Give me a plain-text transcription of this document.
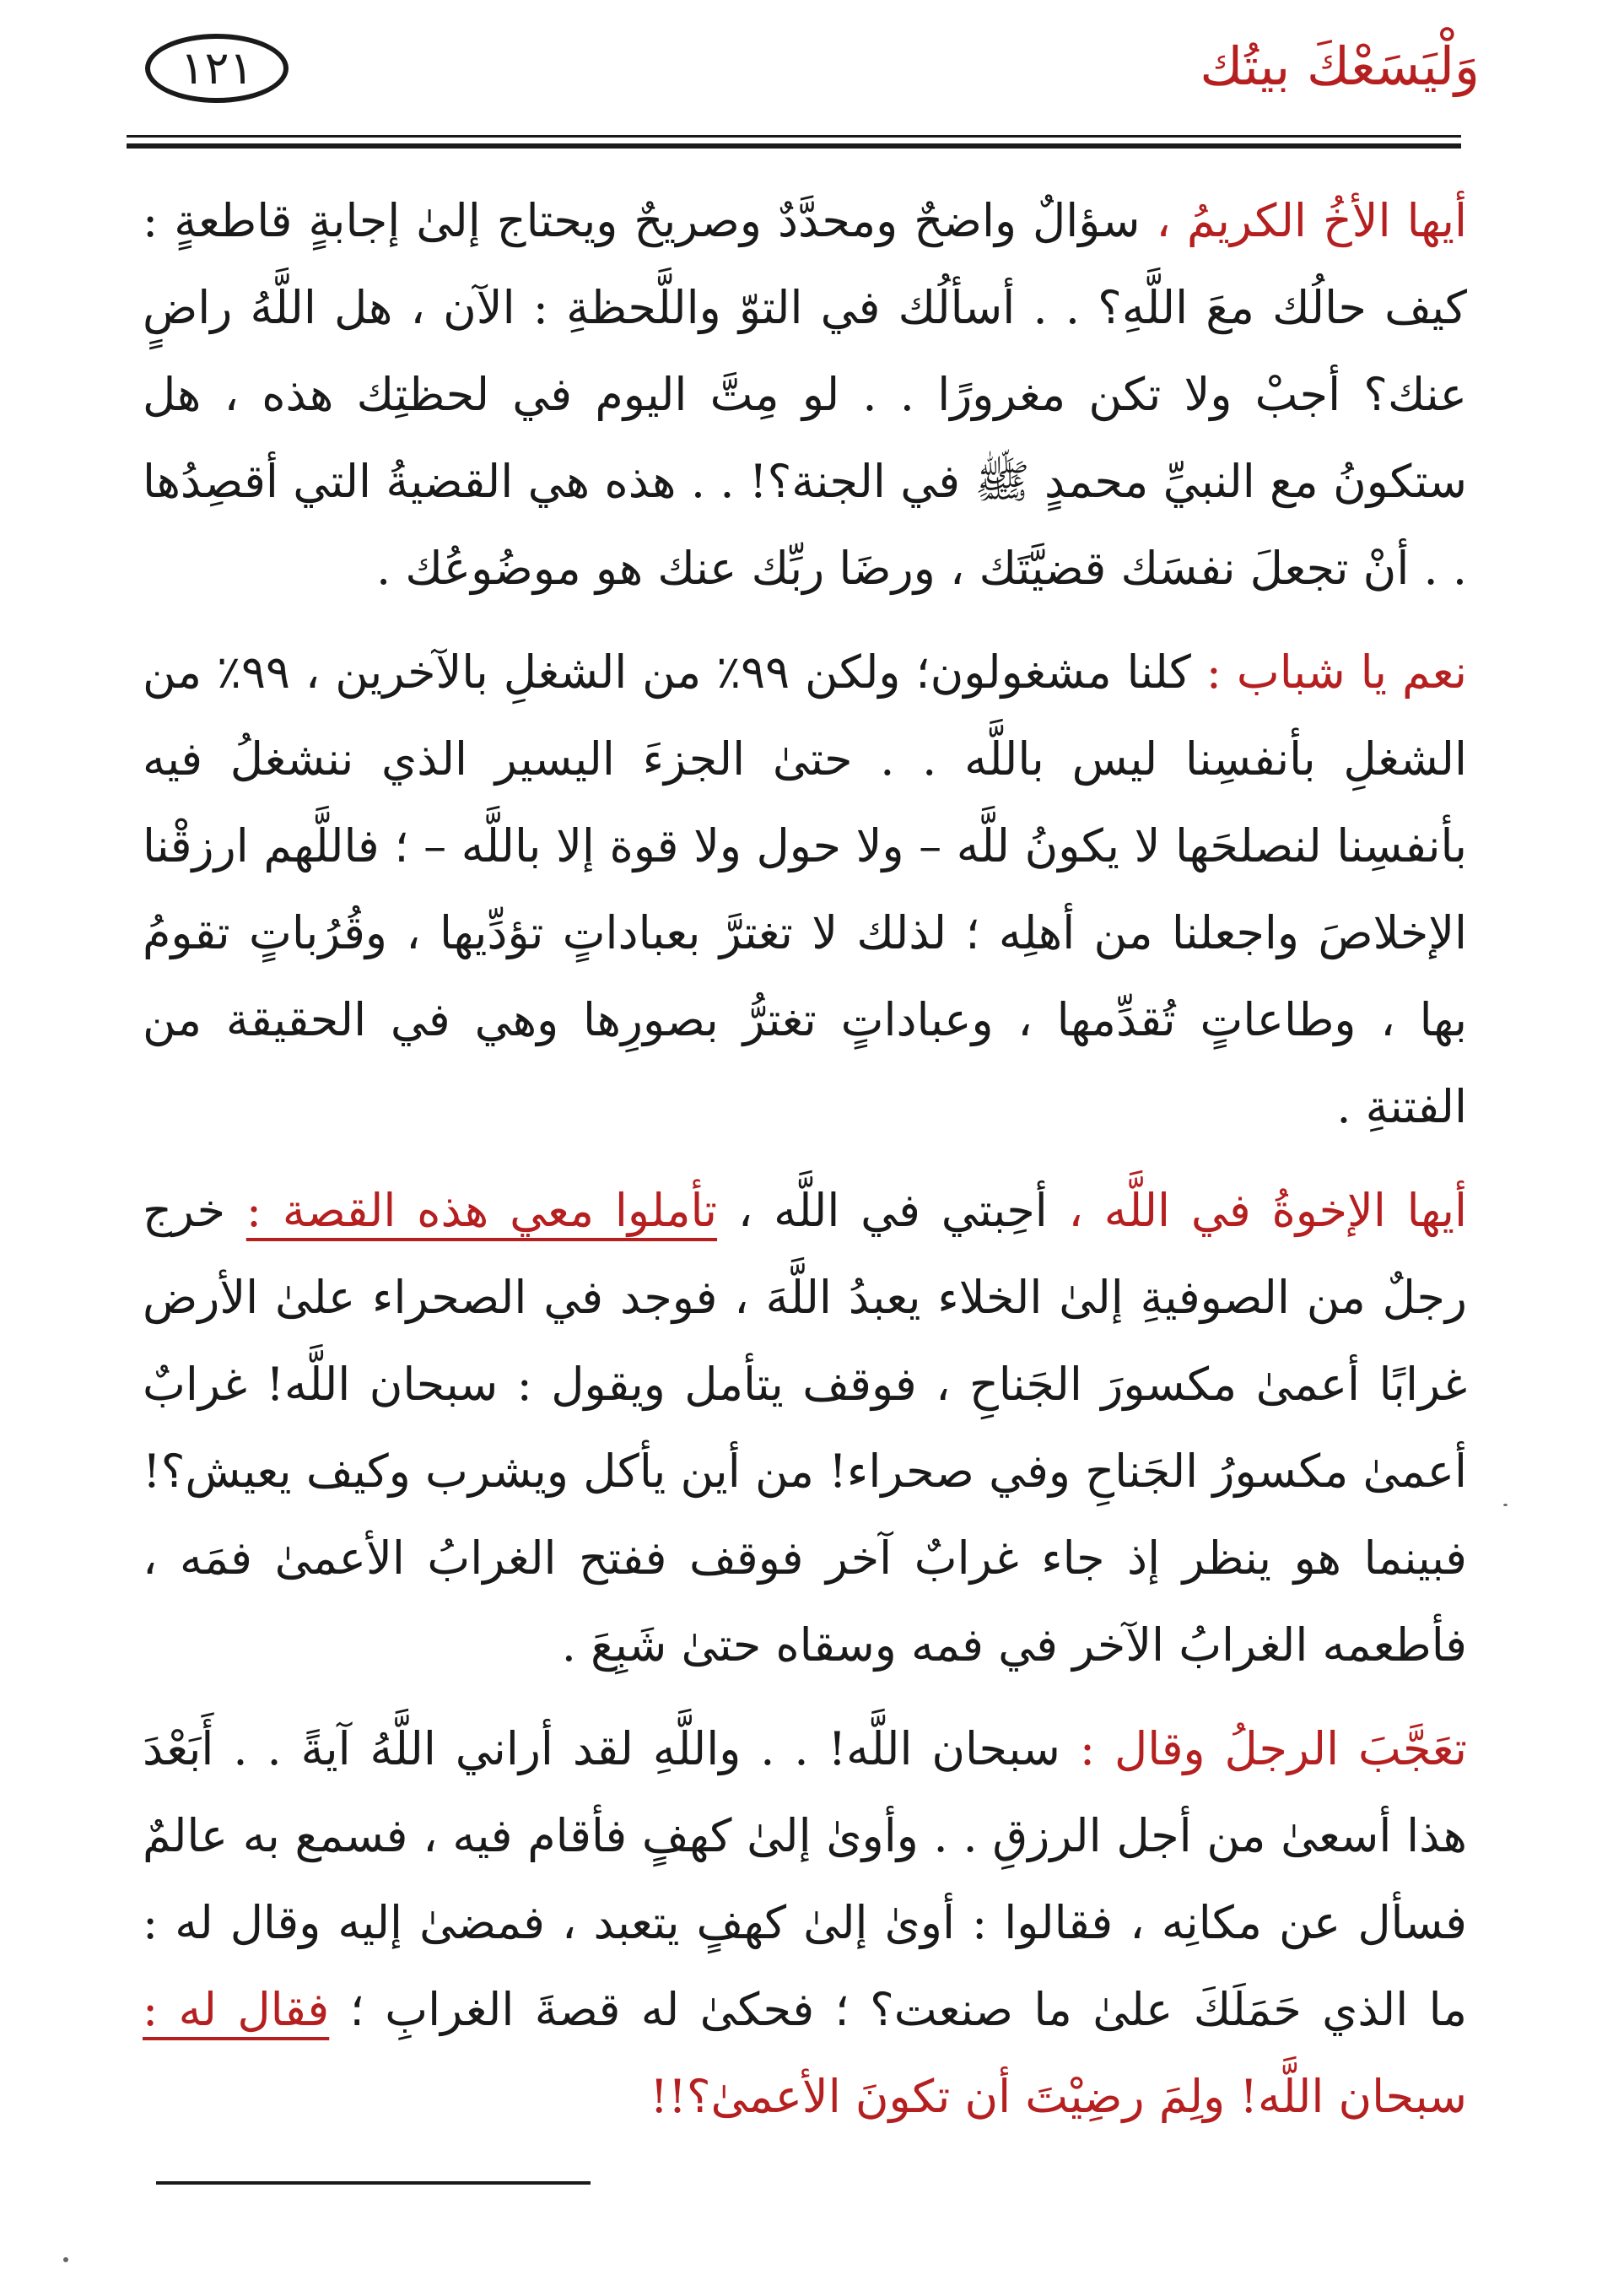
وَلْيَسَعْكَ بيتُك
١٢١

أيها الأخُ الكريمُ ، سؤالٌ واضحٌ ومحدَّدٌ وصريحٌ ويحتاج إلىٰ إجابةٍ قاطعةٍ : كيف حالُك معَ اللَّهِ؟ . . أسألُك في التوّ واللَّحظةِ : الآن ، هل اللَّهُ راضٍ عنك؟ أجبْ ولا تكن مغرورًا . . لو مِتَّ اليوم في لحظتِك هذه ، هل ستكونُ مع النبيِّ محمدٍ ﷺ في الجنة؟! . . هذه هي القضيةُ التي أقصِدُها . . أنْ تجعلَ نفسَك قضيَّتَك ، ورضَا ربِّك عنك هو موضُوعُك .

نعم يا شباب : كلنا مشغولون؛ ولكن ٩٩٪ من الشغلِ بالآخرين ، ٩٩٪ من الشغلِ بأنفسِنا ليس باللَّه . . حتىٰ الجزءَ اليسير الذي ننشغلُ فيه بأنفسِنا لنصلحَها لا يكونُ للَّه – ولا حول ولا قوة إلا باللَّه – ؛ فاللَّهم ارزقْنا الإخلاصَ واجعلنا من أهلِه ؛ لذلك لا تغترَّ بعباداتٍ تؤدِّيها ، وقُرُباتٍ تقومُ بها ، وطاعاتٍ تُقدِّمها ، وعباداتٍ تغترُّ بصورِها وهي في الحقيقة من الفتنةِ .

أيها الإخوةُ في اللَّه ، أحِبتي في اللَّه ، تأملوا معي هذه القصة : خرج رجلٌ من الصوفيةِ إلىٰ الخلاء يعبدُ اللَّهَ ، فوجد في الصحراء علىٰ الأرض غرابًا أعمىٰ مكسورَ الجَناحِ ، فوقف يتأمل ويقول : سبحان اللَّه! غرابٌ أعمىٰ مكسورُ الجَناحِ وفي صحراء! من أين يأكل ويشرب وكيف يعيش؟! فبينما هو ينظر إذ جاء غرابٌ آخر فوقف ففتح الغرابُ الأعمىٰ فمَه ، فأطعمه الغرابُ الآخر في فمه وسقاه حتىٰ شَبِعَ .

تعَجَّبَ الرجلُ وقال : سبحان اللَّه! . . واللَّهِ لقد أراني اللَّهُ آيةً . . أَبَعْدَ هذا أسعىٰ من أجل الرزقِ . . وأوىٰ إلىٰ كهفٍ فأقام فيه ، فسمع به عالمٌ فسأل عن مكانِه ، فقالوا : أوىٰ إلىٰ كهفٍ يتعبد ، فمضىٰ إليه وقال له : ما الذي حَمَلَكَ علىٰ ما صنعت؟ ؛ فحكىٰ له قصةَ الغرابِ ؛ فقال له : سبحان اللَّه! ولِمَ رضِيْتَ أن تكونَ الأعمىٰ؟!!
